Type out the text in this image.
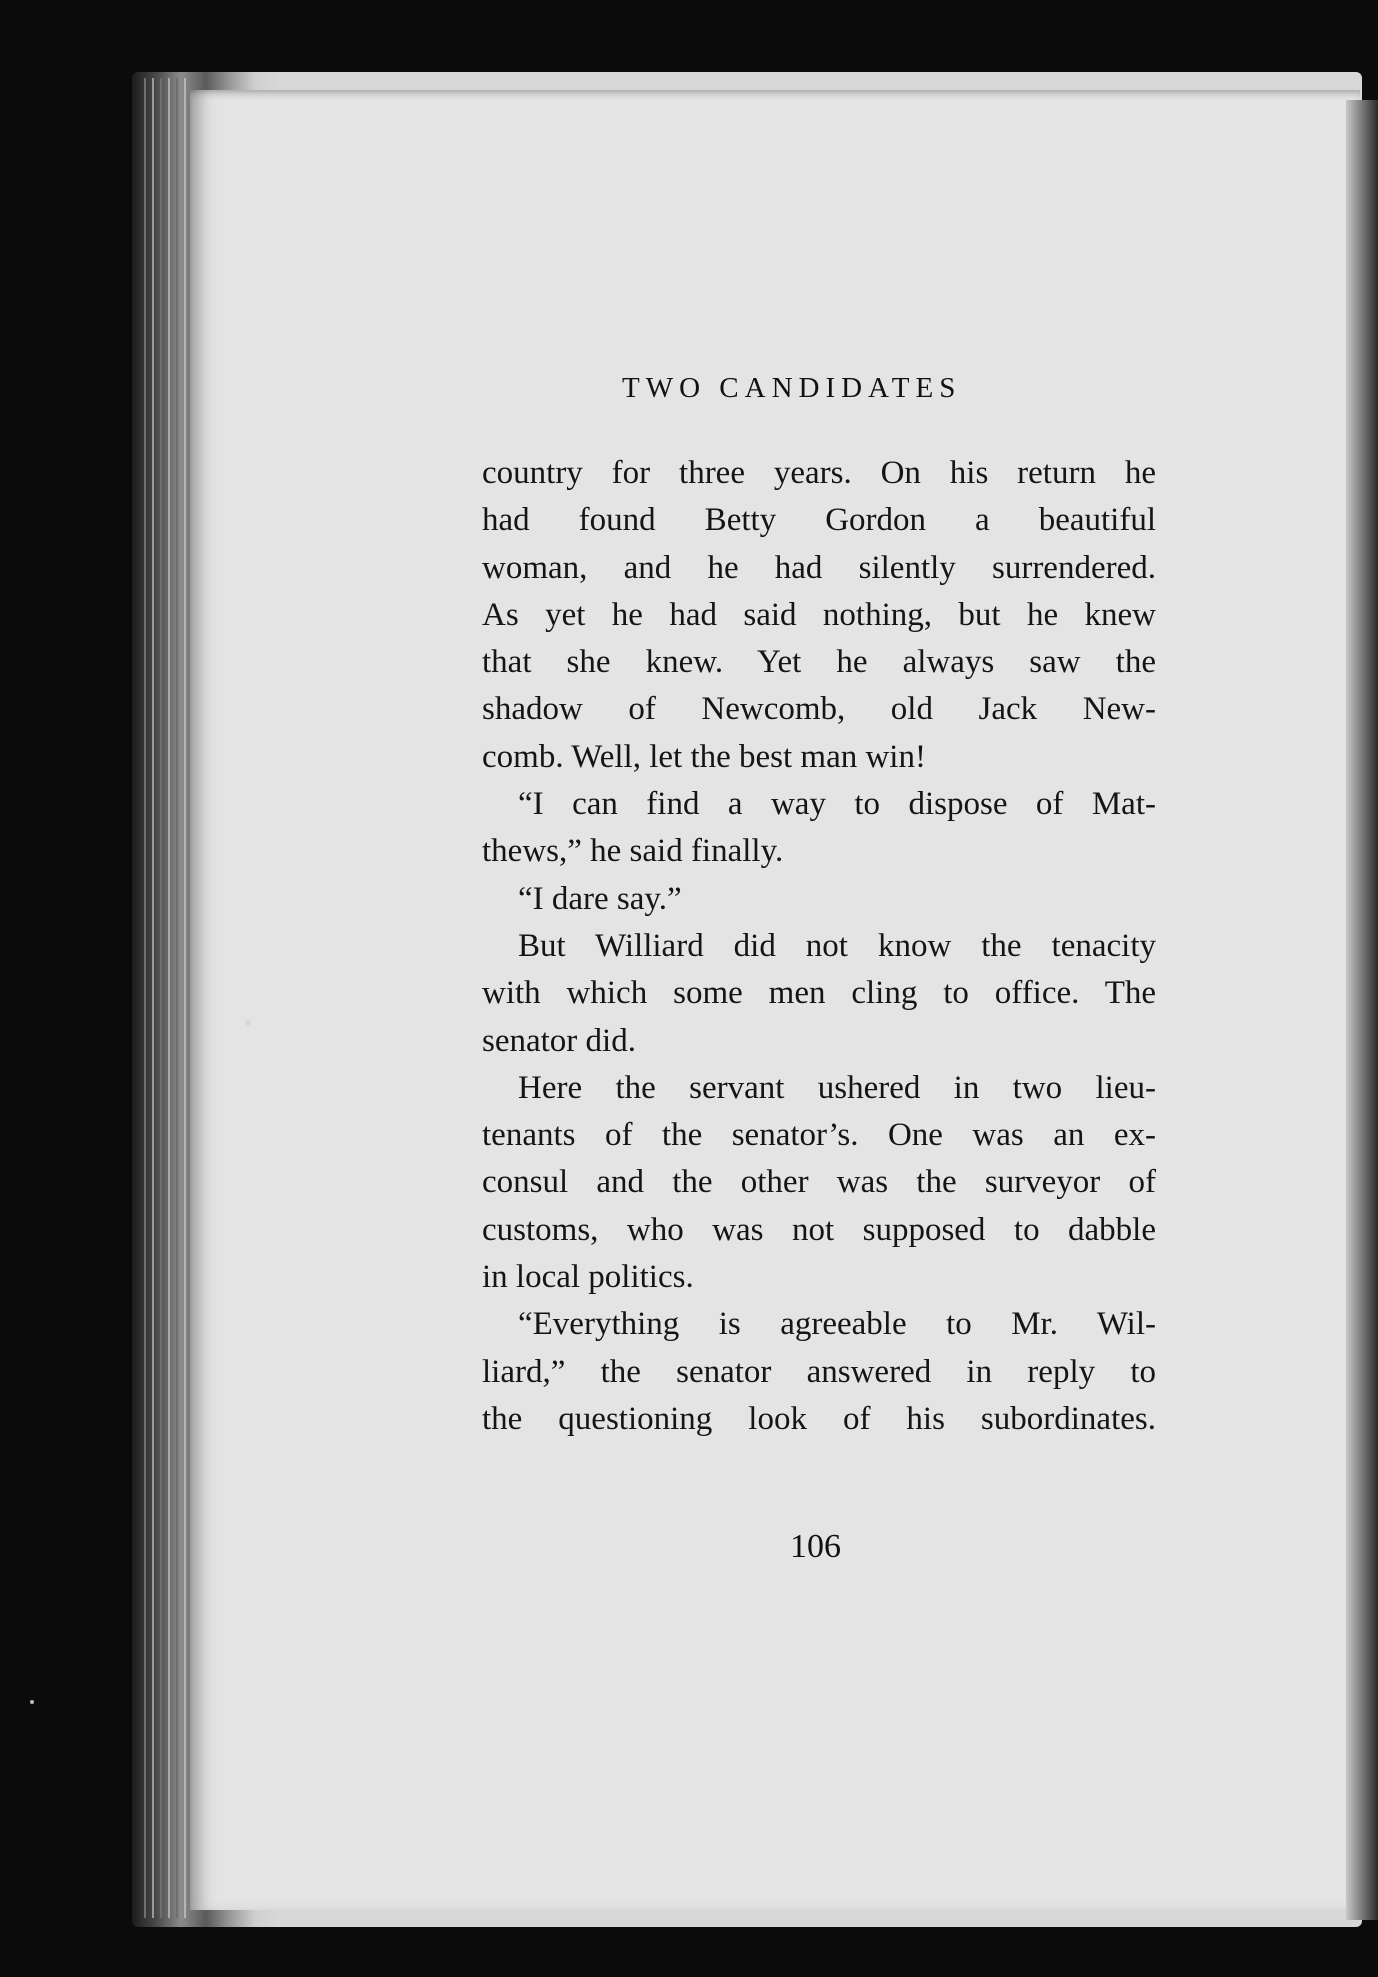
TWO CANDIDATES
country for three years. On his return he
had found Betty Gordon a beautiful
woman, and he had silently surrendered.
As yet he had said nothing, but he knew
that she knew. Yet he always saw the
shadow of Newcomb, old Jack New-
comb. Well, let the best man win!
“I can find a way to dispose of Mat-
thews,” he said finally.
“I dare say.”
But Williard did not know the tenacity
with which some men cling to office. The
senator did.
Here the servant ushered in two lieu-
tenants of the senator’s. One was an ex-
consul and the other was the surveyor of
customs, who was not supposed to dabble
in local politics.
“Everything is agreeable to Mr. Wil-
liard,” the senator answered in reply to
the questioning look of his subordinates.
106
